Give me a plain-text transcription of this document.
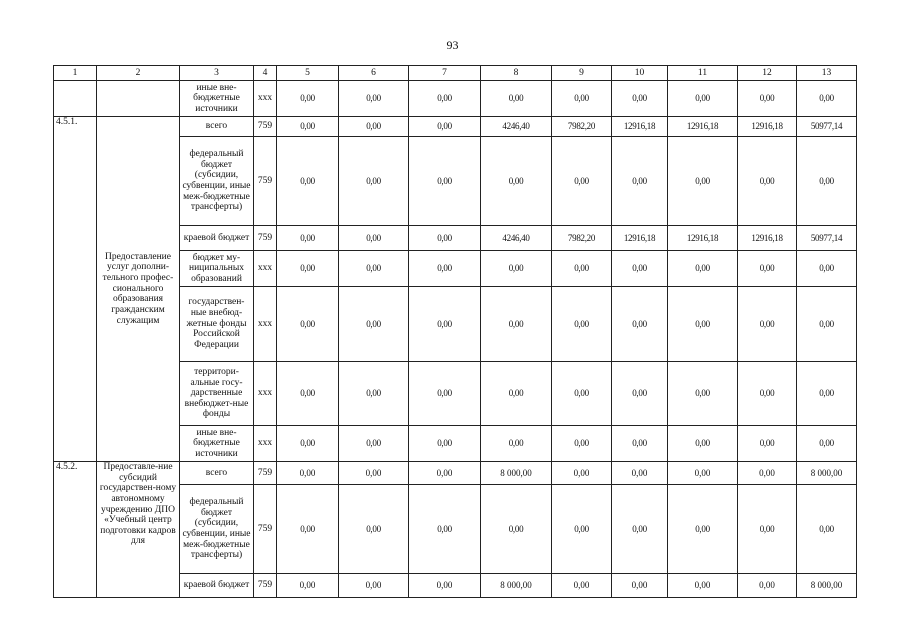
93
1	2	3	4	5	6	7	8	9	10	11	12	13
		иные вне-бюджетные источники	xxx	0,00	0,00	0,00	0,00	0,00	0,00	0,00	0,00	0,00
4.5.1.	Предоставление услуг дополни-тельного профес-сионального образования гражданским служащим	всего	759	0,00	0,00	0,00	4246,40	7982,20	12916,18	12916,18	12916,18	50977,14
		федеральный бюджет (субсидии, субвенции, иные меж-бюджетные трансферты)	759	0,00	0,00	0,00	0,00	0,00	0,00	0,00	0,00	0,00
		краевой бюджет	759	0,00	0,00	0,00	4246,40	7982,20	12916,18	12916,18	12916,18	50977,14
		бюджет му-ниципальных образований	xxx	0,00	0,00	0,00	0,00	0,00	0,00	0,00	0,00	0,00
		государствен-ные внебюд-жетные фонды Российской Федерации	xxx	0,00	0,00	0,00	0,00	0,00	0,00	0,00	0,00	0,00
		территори-альные госу-дарственные внебюджет-ные фонды	xxx	0,00	0,00	0,00	0,00	0,00	0,00	0,00	0,00	0,00
		иные вне-бюджетные источники	xxx	0,00	0,00	0,00	0,00	0,00	0,00	0,00	0,00	0,00
4.5.2.	Предоставле-ние субсидий государствен-ному автономному учреждению ДПО «Учебный центр подготовки кадров для	всего	759	0,00	0,00	0,00	8 000,00	0,00	0,00	0,00	0,00	8 000,00
		федеральный бюджет (субсидии, субвенции, иные меж-бюджетные трансферты)	759	0,00	0,00	0,00	0,00	0,00	0,00	0,00	0,00	0,00
		краевой бюджет	759	0,00	0,00	0,00	8 000,00	0,00	0,00	0,00	0,00	8 000,00
